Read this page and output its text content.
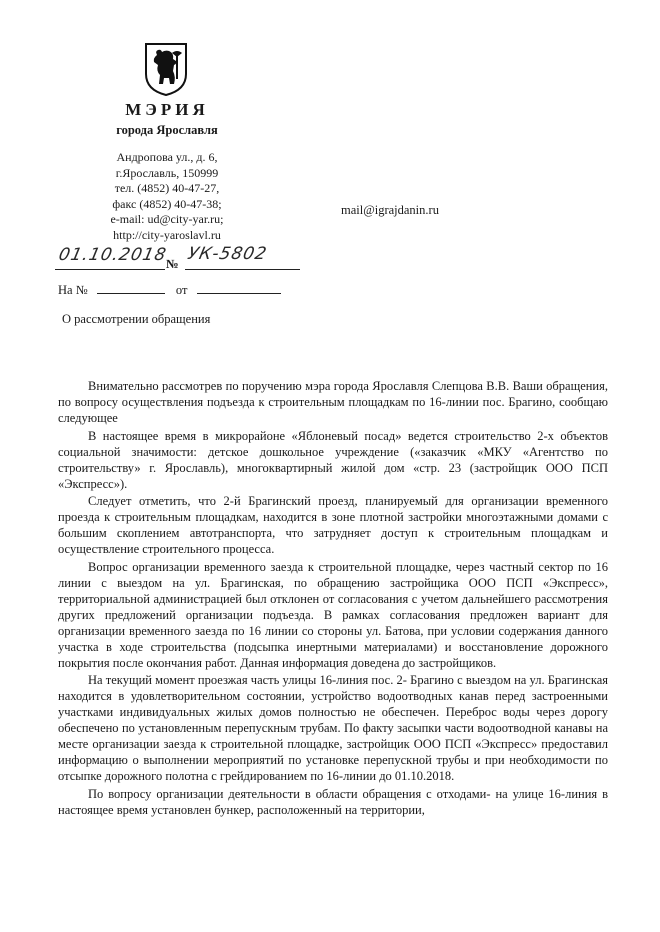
МЭРИЯ
города Ярославля
Андропова ул., д. 6,
г.Ярославль, 150999
тел. (4852) 40-47-27,
факс (4852) 40-47-38;
e-mail: ud@city-yar.ru;
http://city-yaroslavl.ru
mail@igrajdanin.ru
01.10.2018
№ УК-5802
На №	от
О рассмотрении обращения

Внимательно рассмотрев по поручению мэра города Ярославля Слепцова В.В. Ваши обращения, по вопросу осуществления подъезда к строительным площадкам по 16-линии пос. Брагино, сообщаю следующее

В настоящее время в микрорайоне «Яблоневый посад» ведется строительство 2-х объектов социальной значимости: детское дошкольное учреждение («заказчик «МКУ «Агентство по строительству» г. Ярославль), многоквартирный жилой дом «стр. 23 (застройщик ООО ПСП «Экспресс»).

Следует отметить, что 2-й Брагинский проезд, планируемый для организации временного проезда к строительным площадкам, находится в зоне плотной застройки многоэтажными домами с большим скоплением автотранспорта, что затрудняет доступ к строительным площадкам и осуществление строительного процесса.

Вопрос организации временного заезда к строительной площадке, через частный сектор по 16 линии с выездом на ул. Брагинская, по обращению застройщика ООО ПСП «Экспресс», территориальной администрацией был отклонен от согласования с учетом дальнейшего рассмотрения других предложений организации подъезда. В рамках согласования предложен вариант для организации временного заезда по 16 линии со стороны ул. Батова, при условии содержания данного участка в ходе строительства (подсыпка инертными материалами) и восстановление дорожного покрытия после окончания работ. Данная информация доведена до застройщиков.

На текущий момент проезжая часть улицы 16-линия пос. 2- Брагино с выездом на ул. Брагинская находится в удовлетворительном состоянии, устройство водоотводных канав перед застроенными участками индивидуальных жилых домов полностью не обеспечен. Переброс воды через дорогу обеспечено по установленным перепускным трубам. По факту засыпки части водоотводной канавы на месте организации заезда к строительной площадке, застройщик ООО ПСП «Экспресс» предоставил информацию о выполнении мероприятий по установке перепускной трубы и при необходимости по отсыпке дорожного полотна с грейдированием по 16-линии до 01.10.2018.

По вопросу организации деятельности в области обращения с отходами- на улице 16-линия в настоящее время установлен бункер, расположенный на территории,
